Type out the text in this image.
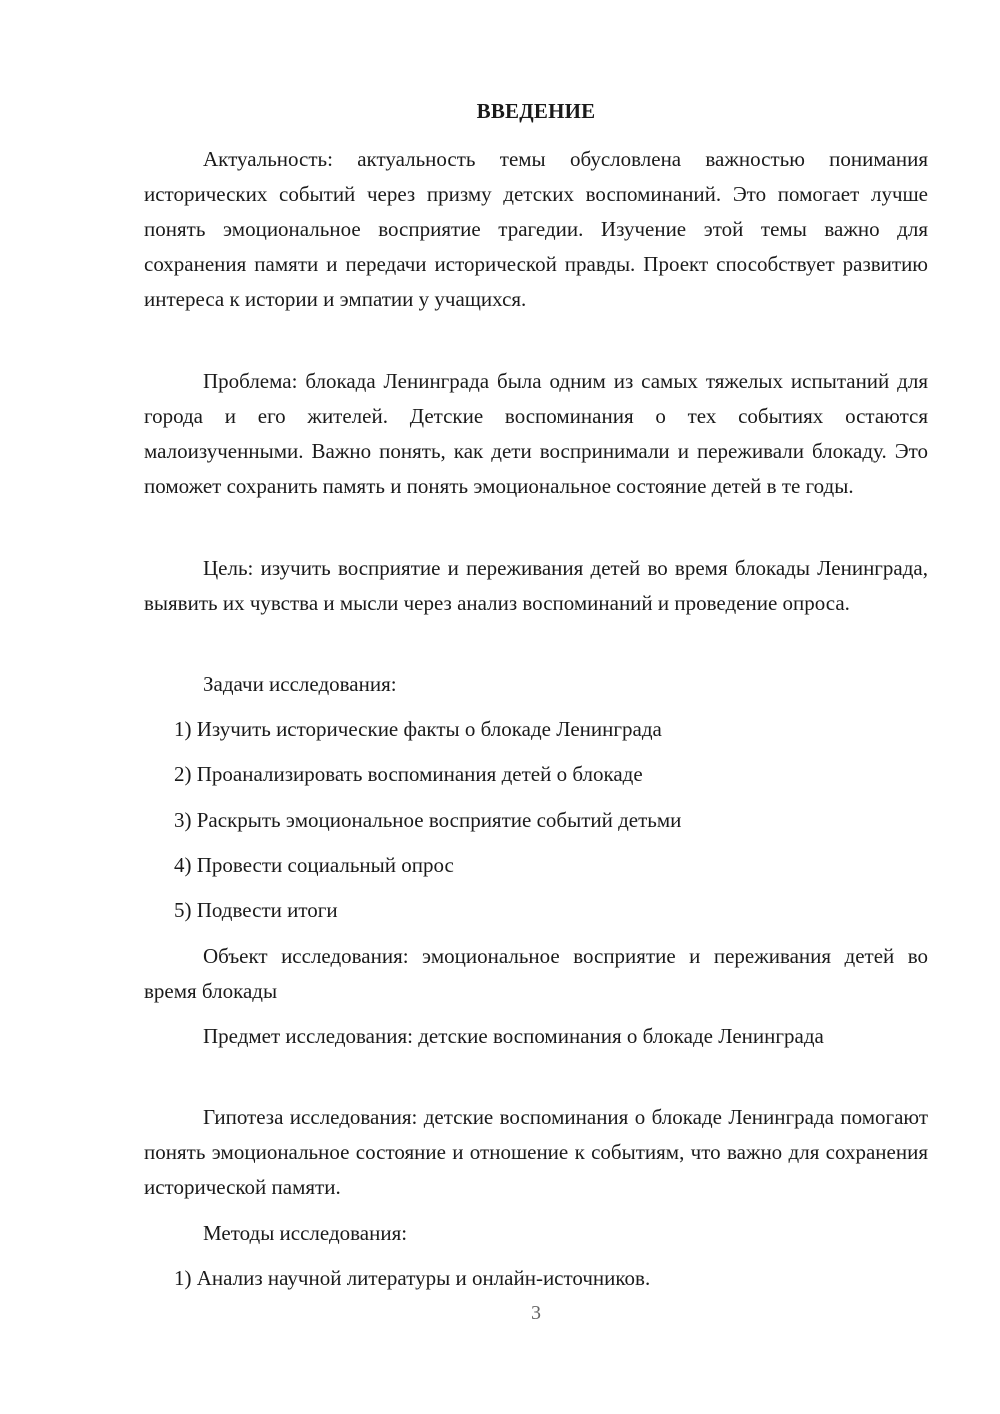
ВВЕДЕНИЕ

Актуальность: актуальность темы обусловлена важностью понимания исторических событий через призму детских воспоминаний. Это помогает лучше понять эмоциональное восприятие трагедии. Изучение этой темы важно для сохранения памяти и передачи исторической правды. Проект способствует развитию интереса к истории и эмпатии у учащихся.

Проблема: блокада Ленинграда была одним из самых тяжелых испытаний для города и его жителей. Детские воспоминания о тех событиях остаются малоизученными. Важно понять, как дети воспринимали и переживали блокаду. Это поможет сохранить память и понять эмоциональное состояние детей в те годы.

Цель: изучить восприятие и переживания детей во время блокады Ленинграда, выявить их чувства и мысли через анализ воспоминаний и проведение опроса.

Задачи исследования:

1) Изучить исторические факты о блокаде Ленинграда

2) Проанализировать воспоминания детей о блокаде

3) Раскрыть эмоциональное восприятие событий детьми

4) Провести социальный опрос

5) Подвести итоги

Объект исследования: эмоциональное восприятие и переживания детей во время блокады

Предмет исследования: детские воспоминания о блокаде Ленинграда

Гипотеза исследования: детские воспоминания о блокаде Ленинграда помогают понять эмоциональное состояние и отношение к событиям, что важно для сохранения исторической памяти.

Методы исследования:

1) Анализ научной литературы и онлайн-источников.

3
